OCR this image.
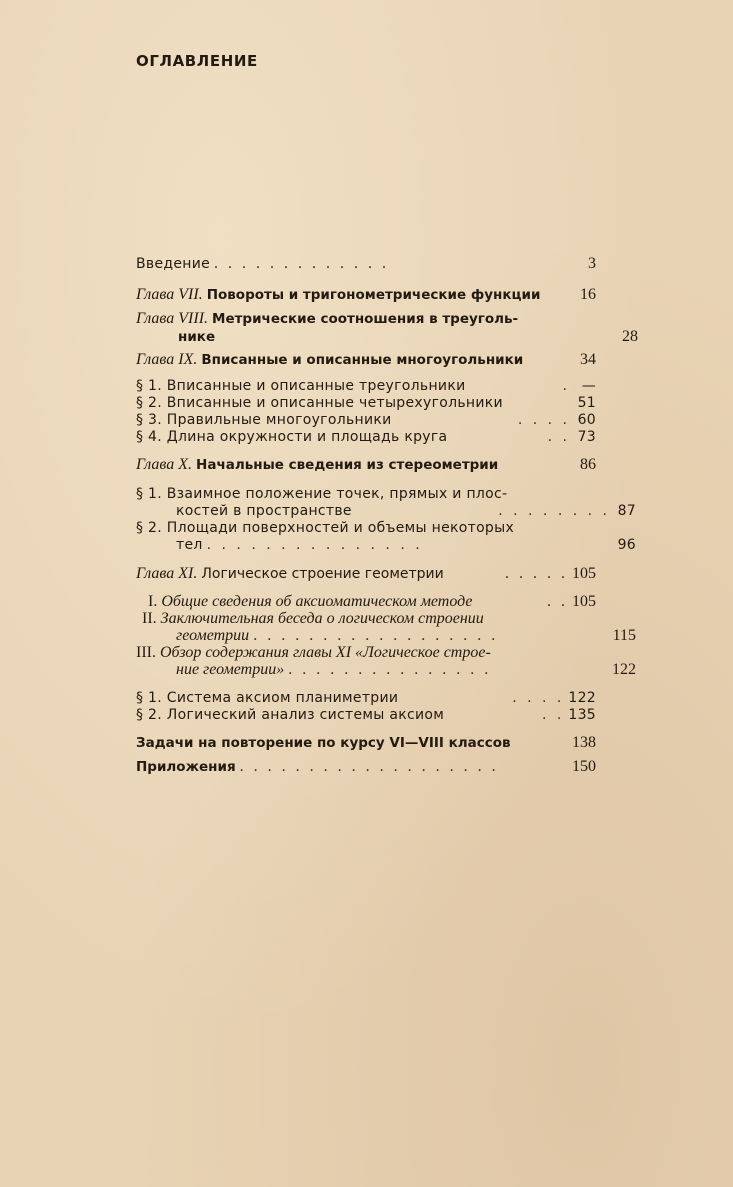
ОГЛАВЛЕНИЕ
Введение . . . . . . . . . . . . .	3
Глава VII. Повороты и тригонометрические функции	16
Глава VIII. Метрические соотношения в треуголь-
нике	28
Глава IX. Вписанные и описанные многоугольники	34
§ 1. Вписанные и описанные треугольники	. —
§ 2. Вписанные и описанные четырехугольники	51
§ 3. Правильные многоугольники	. . . . 60
§ 4. Длина окружности и площадь круга	. . 73
Глава X. Начальные сведения из стереометрии	86
§ 1. Взаимное положение точек, прямых и плос-
костей в пространстве	. . . . . . . . 87
§ 2. Площади поверхностей и объемы некоторых
тел . . . . . . . . . . . . . . .	96
Глава XI. Логическое строение геометрии	. . . . . 105
I. Общие сведения об аксиоматическом методе	. . 105
II. Заключительная беседа о логическом строении
геометрии . . . . . . . . . . . . . . . . . .	115
III. Обзор содержания главы XI «Логическое строе-
ние геометрии» . . . . . . . . . . . . . . .	122
§ 1. Система аксиом планиметрии	. . . . 122
§ 2. Логический анализ системы аксиом	. . 135
Задачи на повторение по курсу VI—VIII классов	138
Приложения . . . . . . . . . . . . . . . . . . .	150
